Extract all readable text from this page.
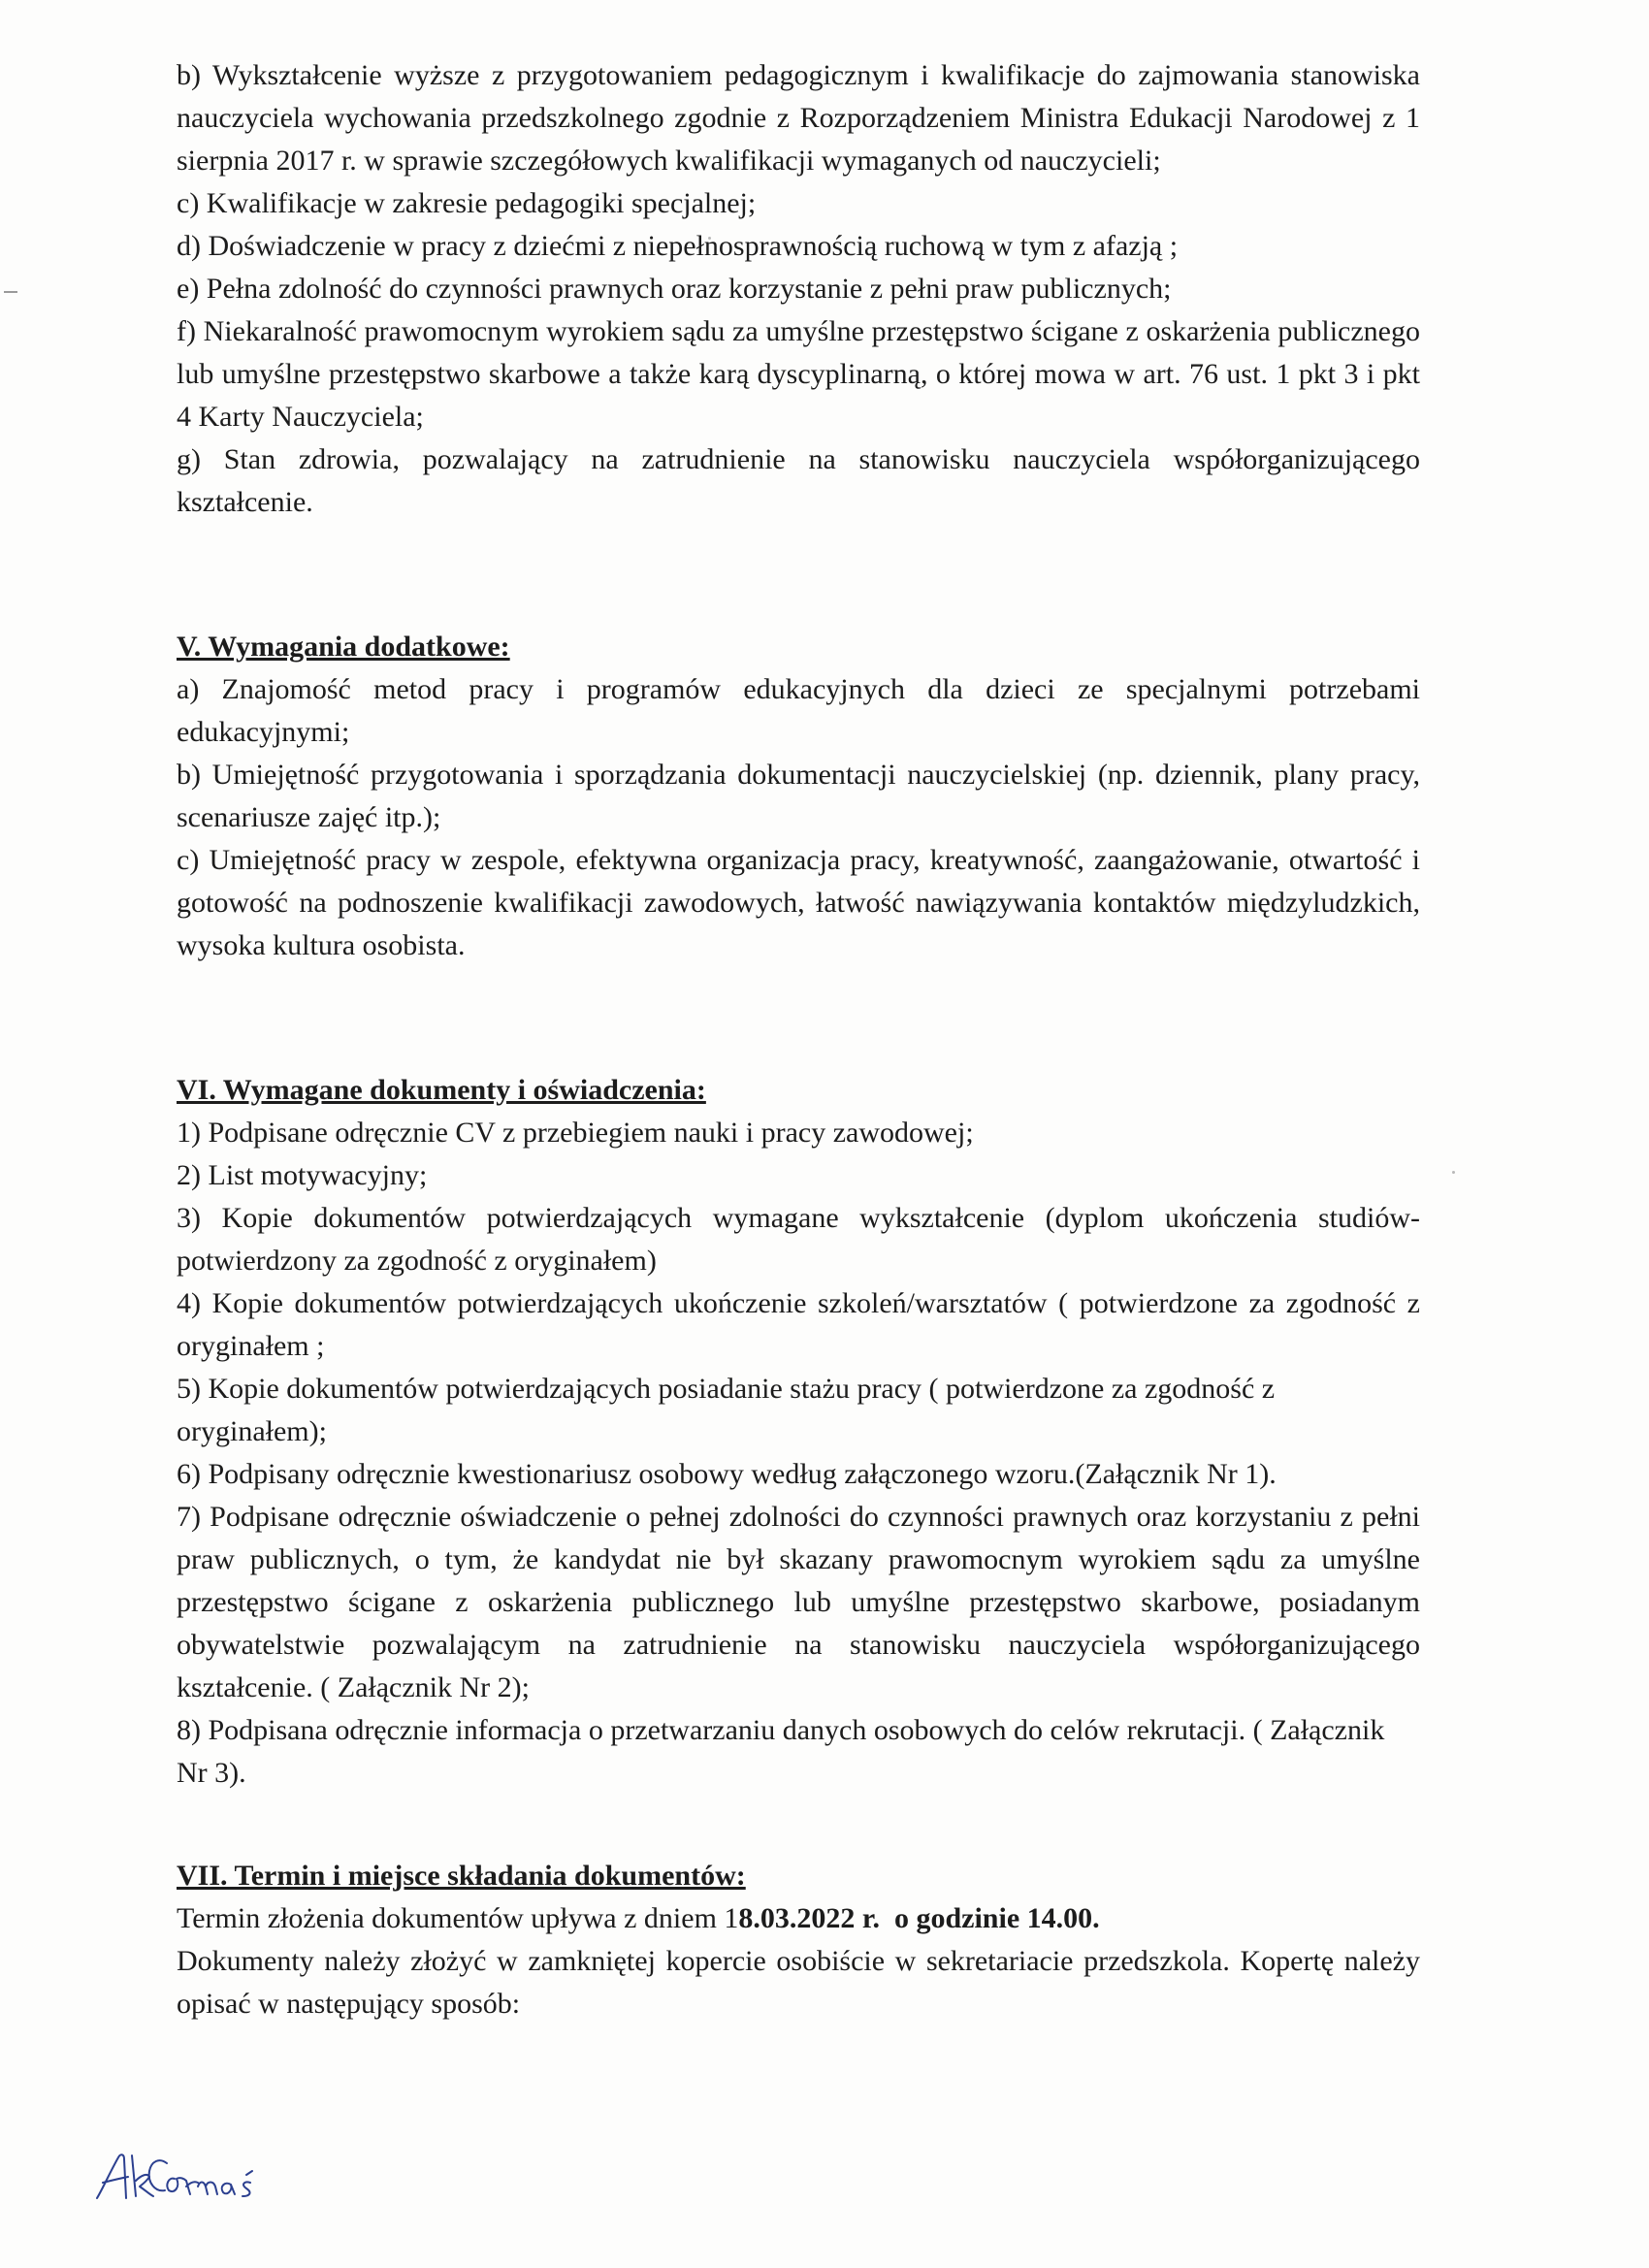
b) Wykształcenie wyższe z przygotowaniem pedagogicznym i kwalifikacje do zajmowania stanowiska nauczyciela wychowania przedszkolnego zgodnie z Rozporządzeniem Ministra Edukacji Narodowej z 1 sierpnia 2017 r. w sprawie szczegółowych kwalifikacji wymaganych od nauczycieli;

c) Kwalifikacje w zakresie pedagogiki specjalnej;

d) Doświadczenie w pracy z dziećmi z niepełnosprawnością ruchową w tym z afazją ;

e) Pełna zdolność do czynności prawnych oraz korzystanie z pełni praw publicznych;

f) Niekaralność prawomocnym wyrokiem sądu za umyślne przestępstwo ścigane z oskarżenia publicznego lub umyślne przestępstwo skarbowe a także karą dyscyplinarną, o której mowa w art. 76 ust. 1 pkt 3 i pkt 4 Karty Nauczyciela;

g) Stan zdrowia, pozwalający na zatrudnienie na stanowisku nauczyciela współorganizującego kształcenie.

V. Wymagania dodatkowe:

a) Znajomość metod pracy i programów edukacyjnych dla dzieci ze specjalnymi potrzebami edukacyjnymi;

b) Umiejętność przygotowania i sporządzania dokumentacji nauczycielskiej (np. dziennik, plany pracy, scenariusze zajęć itp.);

c) Umiejętność pracy w zespole, efektywna organizacja pracy, kreatywność, zaangażowanie, otwartość i gotowość na podnoszenie kwalifikacji zawodowych, łatwość nawiązywania kontaktów międzyludzkich, wysoka kultura osobista.

VI. Wymagane dokumenty i oświadczenia:

1) Podpisane odręcznie CV z przebiegiem nauki i pracy zawodowej;

2) List motywacyjny;

3) Kopie dokumentów potwierdzających wymagane wykształcenie (dyplom ukończenia studiów- potwierdzony za zgodność z oryginałem)

4) Kopie dokumentów potwierdzających ukończenie szkoleń/warsztatów ( potwierdzone za zgodność z oryginałem ;

5) Kopie dokumentów potwierdzających posiadanie stażu pracy ( potwierdzone za zgodność z oryginałem);

6) Podpisany odręcznie kwestionariusz osobowy według załączonego wzoru.(Załącznik Nr 1).

7) Podpisane odręcznie oświadczenie o pełnej zdolności do czynności prawnych oraz korzystaniu z pełni praw publicznych, o tym, że kandydat nie był skazany prawomocnym wyrokiem sądu za umyślne przestępstwo ścigane z oskarżenia publicznego lub umyślne przestępstwo skarbowe, posiadanym obywatelstwie pozwalającym na zatrudnienie na stanowisku nauczyciela współorganizującego kształcenie. ( Załącznik Nr 2);

8) Podpisana odręcznie informacja o przetwarzaniu danych osobowych do celów rekrutacji. ( Załącznik Nr 3).

VII. Termin i miejsce składania dokumentów:

Termin złożenia dokumentów upływa z dniem 18.03.2022 r. o godzinie 14.00.

Dokumenty należy złożyć w zamkniętej kopercie osobiście w sekretariacie przedszkola. Kopertę należy opisać w następujący sposób:
